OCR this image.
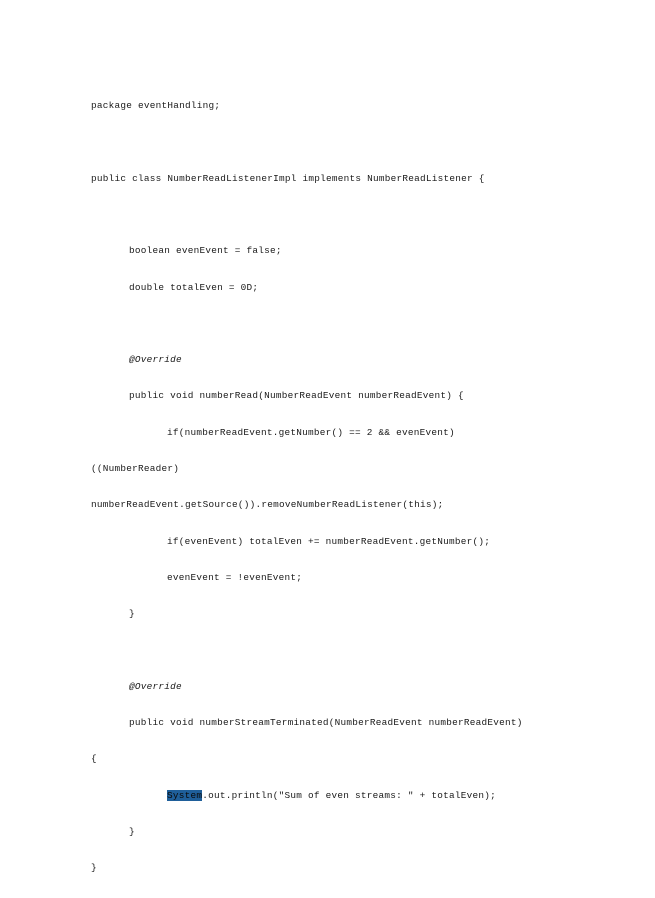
package eventHandling;

public class NumberReadListenerImpl implements NumberReadListener {

boolean evenEvent = false;

double totalEven = 0D;

@Override

public void numberRead(NumberReadEvent numberReadEvent) {

if(numberReadEvent.getNumber() == 2 && evenEvent)

((NumberReader)

numberReadEvent.getSource()).removeNumberReadListener(this);

if(evenEvent) totalEven += numberReadEvent.getNumber();

evenEvent = !evenEvent;

}

@Override

public void numberStreamTerminated(NumberReadEvent numberReadEvent)

{

System.out.println("Sum of even streams: " + totalEven);

}

}
